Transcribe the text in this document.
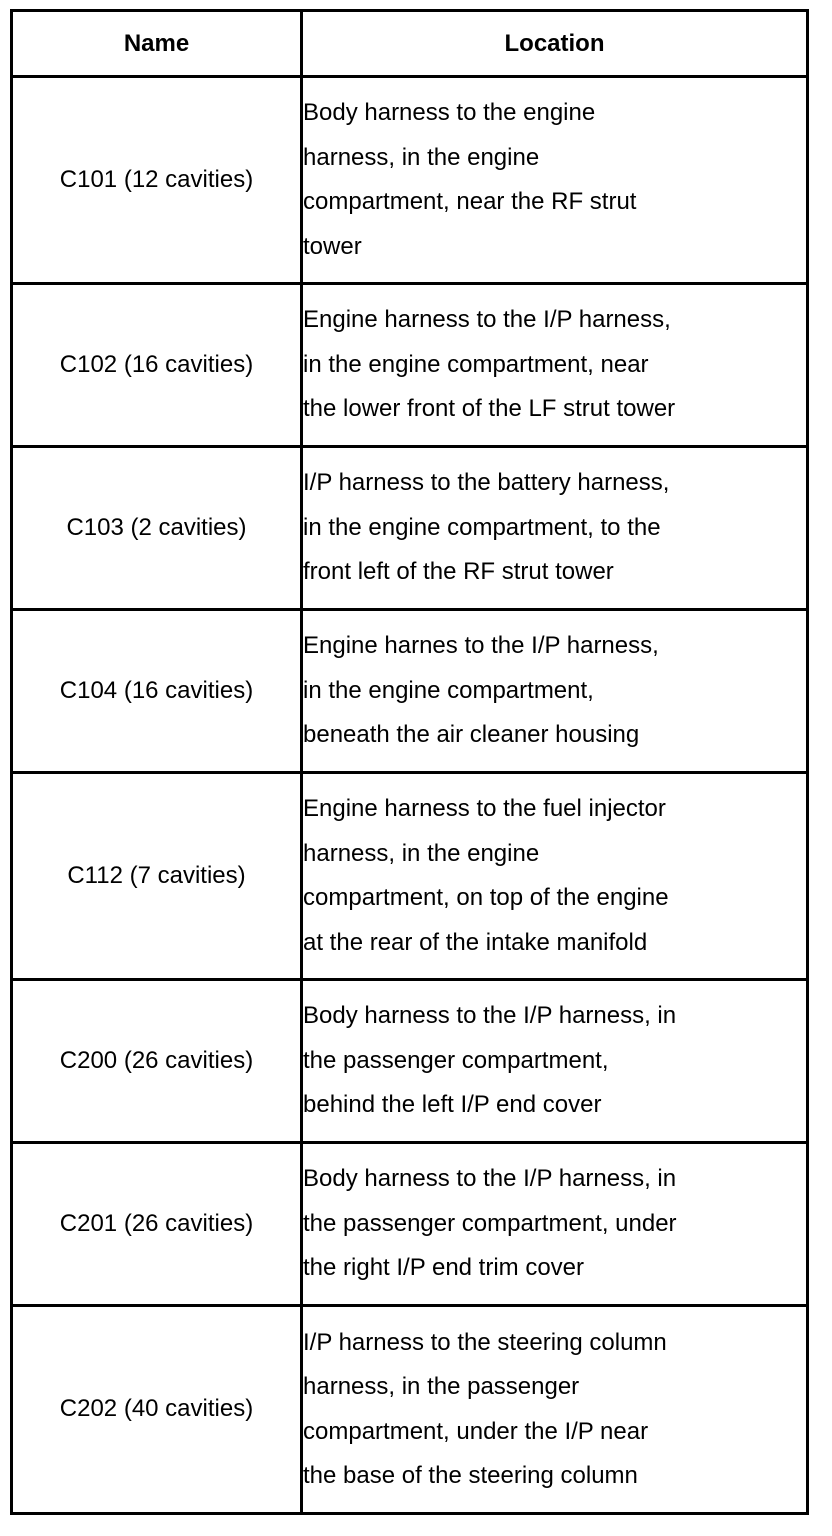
Name	Location
C101 (12 cavities)	Body harness to the engine
harness, in the engine
compartment, near the RF strut
tower

C102 (16 cavities)	Engine harness to the I/P harness,
in the engine compartment, near
the lower front of the LF strut tower

C103 (2 cavities)	I/P harness to the battery harness,
in the engine compartment, to the
front left of the RF strut tower

C104 (16 cavities)	Engine harnes to the I/P harness,
in the engine compartment,
beneath the air cleaner housing

C112 (7 cavities)	Engine harness to the fuel injector
harness, in the engine
compartment, on top of the engine
at the rear of the intake manifold

C200 (26 cavities)	Body harness to the I/P harness, in
the passenger compartment,
behind the left I/P end cover

C201 (26 cavities)	Body harness to the I/P harness, in
the passenger compartment, under
the right I/P end trim cover

C202 (40 cavities)	I/P harness to the steering column
harness, in the passenger
compartment, under the I/P near
the base of the steering column
